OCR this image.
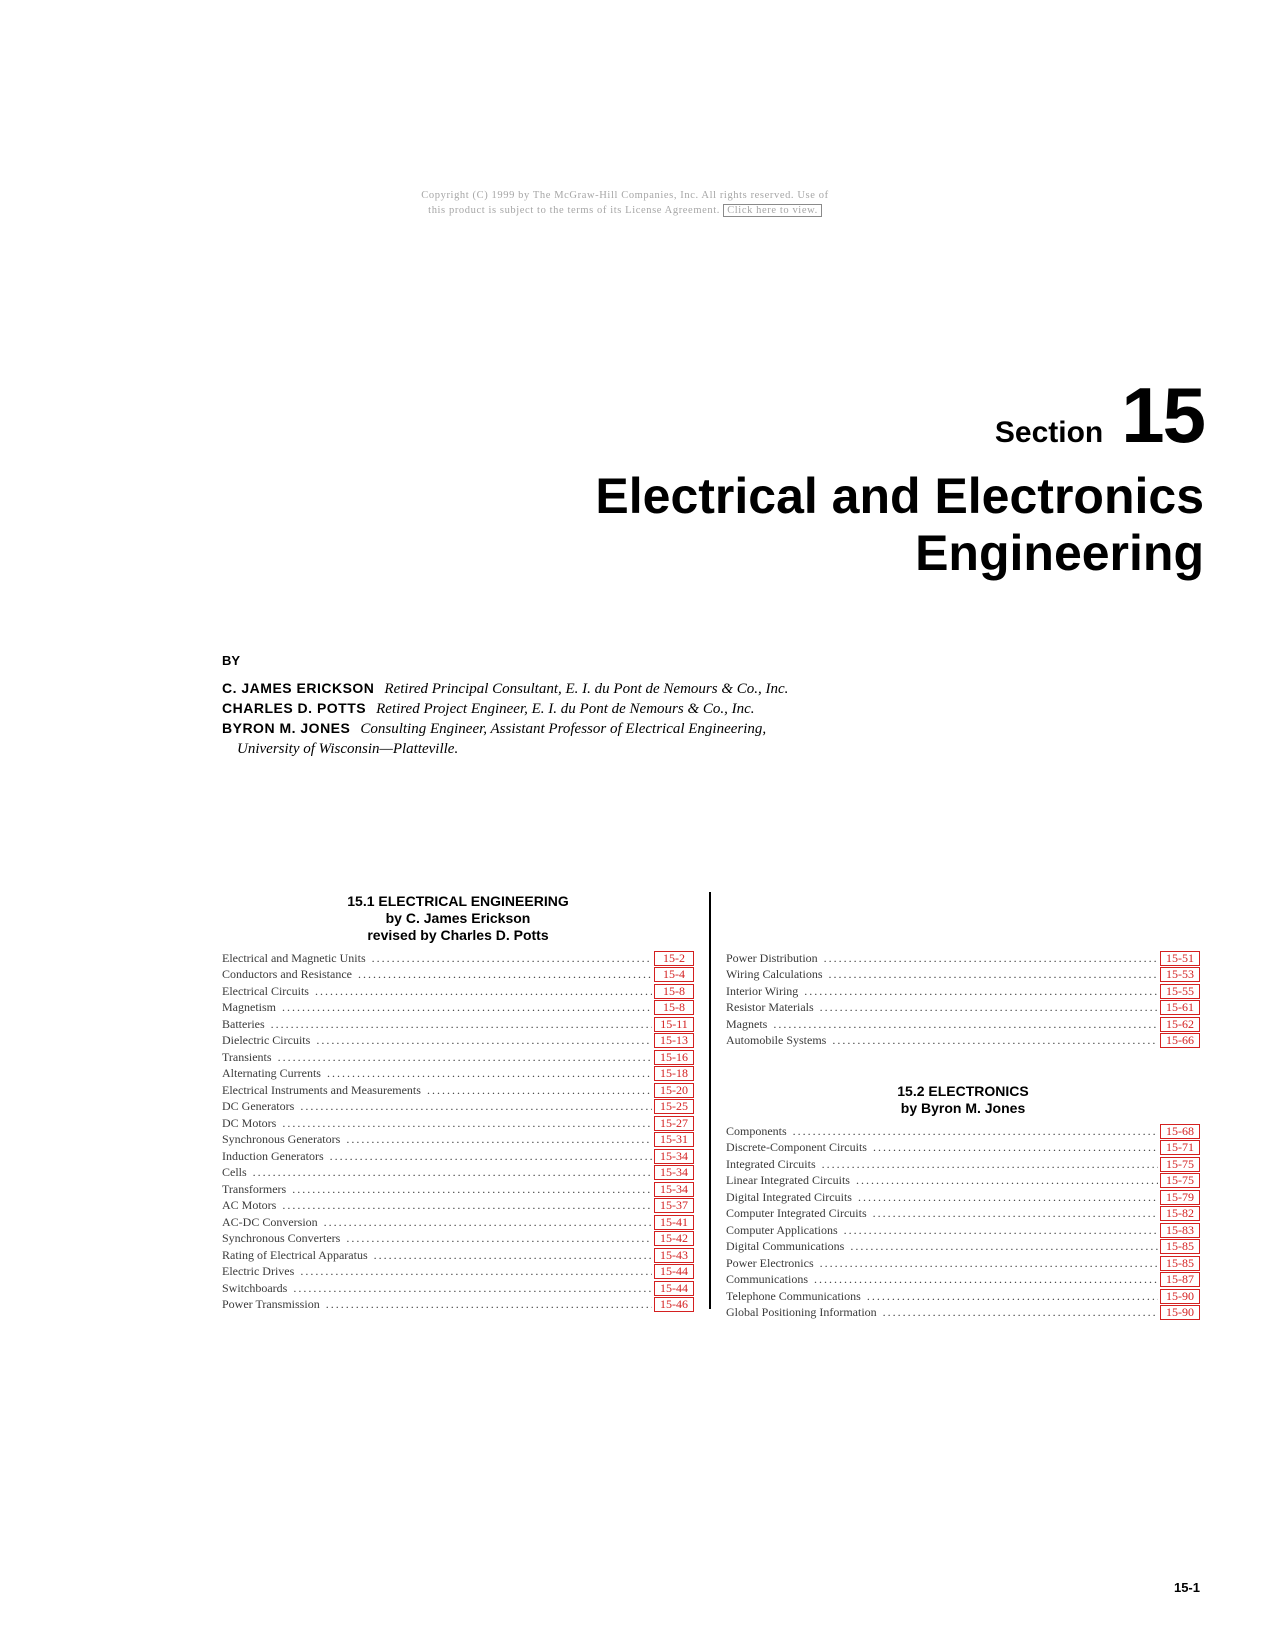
Copyright (C) 1999 by The McGraw-Hill Companies, Inc. All rights reserved. Use of
this product is subject to the terms of its License Agreement. Click here to view.
Section 15
Electrical and Electronics
Engineering
BY
C. JAMES ERICKSON Retired Principal Consultant, E. I. du Pont de Nemours & Co., Inc.
CHARLES D. POTTS Retired Project Engineer, E. I. du Pont de Nemours & Co., Inc.
BYRON M. JONES Consulting Engineer, Assistant Professor of Electrical Engineering,
University of Wisconsin—Platteville.
15.1 ELECTRICAL ENGINEERING
by C. James Erickson
revised by Charles D. Potts
Electrical and Magnetic Units .....	15-2
Conductors and Resistance .....	15-4
Electrical Circuits .....	15-8
Magnetism .....	15-8
Batteries .....	15-11
Dielectric Circuits .....	15-13
Transients .....	15-16
Alternating Currents .....	15-18
Electrical Instruments and Measurements .....	15-20
DC Generators .....	15-25
DC Motors .....	15-27
Synchronous Generators .....	15-31
Induction Generators .....	15-34
Cells .....	15-34
Transformers .....	15-34
AC Motors .....	15-37
AC-DC Conversion .....	15-41
Synchronous Converters .....	15-42
Rating of Electrical Apparatus .....	15-43
Electric Drives .....	15-44
Switchboards .....	15-44
Power Transmission .....	15-46
Power Distribution .....	15-51
Wiring Calculations .....	15-53
Interior Wiring .....	15-55
Resistor Materials .....	15-61
Magnets .....	15-62
Automobile Systems .....	15-66
15.2 ELECTRONICS
by Byron M. Jones
Components .....	15-68
Discrete-Component Circuits .....	15-71
Integrated Circuits .....	15-75
Linear Integrated Circuits .....	15-75
Digital Integrated Circuits .....	15-79
Computer Integrated Circuits .....	15-82
Computer Applications .....	15-83
Digital Communications .....	15-85
Power Electronics .....	15-85
Communications .....	15-87
Telephone Communications .....	15-90
Global Positioning Information .....	15-90
15-1
